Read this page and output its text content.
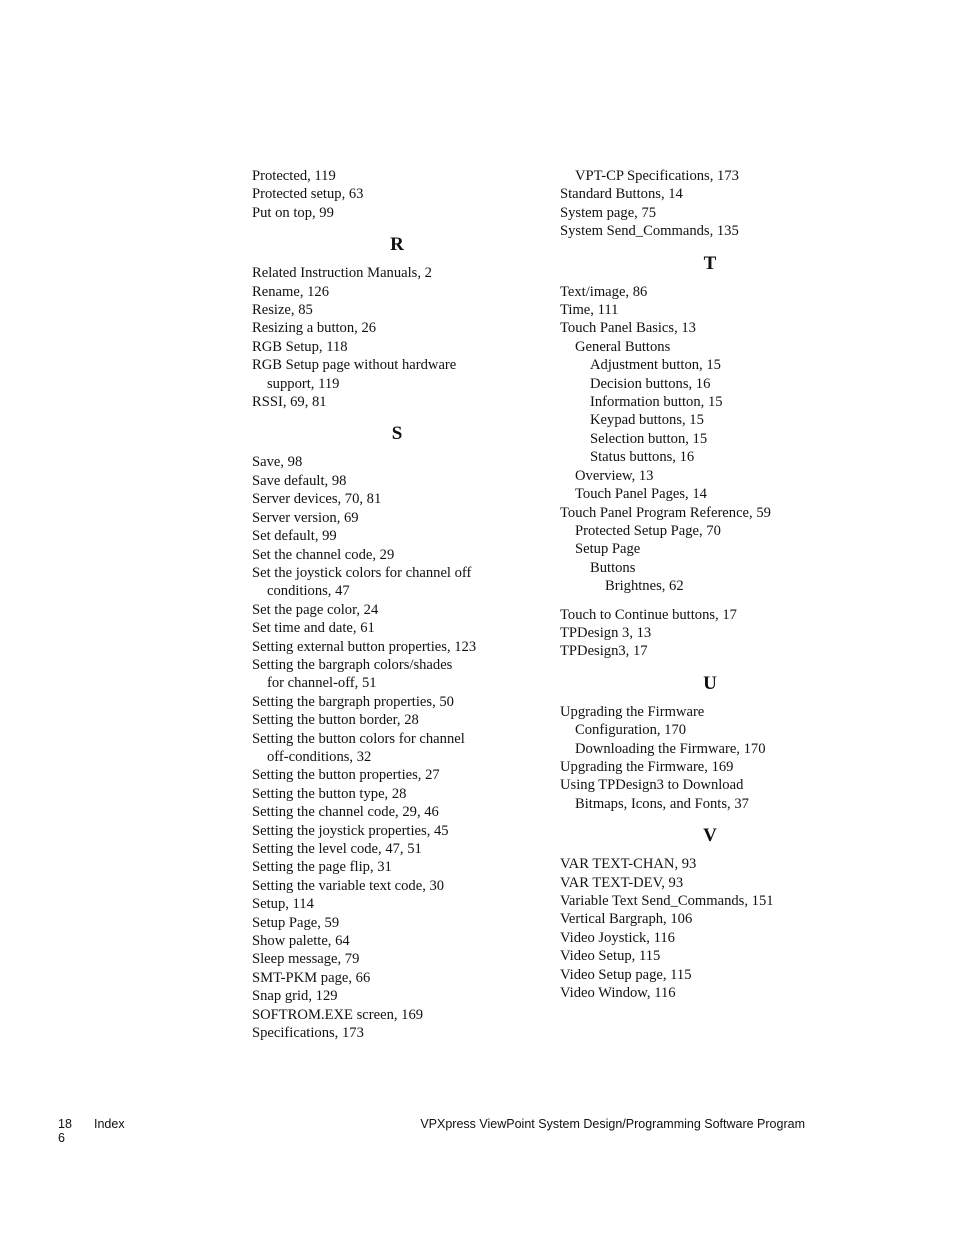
Protected, 119
Protected setup, 63
Put on top, 99
R
Related Instruction Manuals, 2
Rename, 126
Resize, 85
Resizing a button, 26
RGB Setup, 118
RGB Setup page without hardware
support, 119
RSSI, 69, 81
S
Save, 98
Save default, 98
Server devices, 70, 81
Server version, 69
Set default, 99
Set the channel code, 29
Set the joystick colors for channel off
conditions, 47
Set the page color, 24
Set time and date, 61
Setting external button properties, 123
Setting the bargraph colors/shades
for channel-off, 51
Setting the bargraph properties, 50
Setting the button border, 28
Setting the button colors for channel
off-conditions, 32
Setting the button properties, 27
Setting the button type, 28
Setting the channel code, 29, 46
Setting the joystick properties, 45
Setting the level code, 47, 51
Setting the page flip, 31
Setting the variable text code, 30
Setup, 114
Setup Page, 59
Show palette, 64
Sleep message, 79
SMT-PKM page, 66
Snap grid, 129
SOFTROM.EXE screen, 169
Specifications, 173
VPT-CP Specifications, 173
Standard Buttons, 14
System page, 75
System Send_Commands, 135
T
Text/image, 86
Time, 111
Touch Panel Basics, 13
General Buttons
Adjustment button, 15
Decision buttons, 16
Information button, 15
Keypad buttons, 15
Selection button, 15
Status buttons, 16
Overview, 13
Touch Panel Pages, 14
Touch Panel Program Reference, 59
Protected Setup Page, 70
Setup Page
Buttons
Brightnes, 62
Touch to Continue buttons, 17
TPDesign 3, 13
TPDesign3, 17
U
Upgrading the Firmware
Configuration, 170
Downloading the Firmware, 170
Upgrading the Firmware, 169
Using TPDesign3 to Download
Bitmaps, Icons, and Fonts, 37
V
VAR TEXT-CHAN, 93
VAR TEXT-DEV, 93
Variable Text Send_Commands, 151
Vertical Bargraph, 106
Video Joystick, 116
Video Setup, 115
Video Setup page, 115
Video Window, 116
18 6
Index	VPXpress ViewPoint System Design/Programming Software Program
